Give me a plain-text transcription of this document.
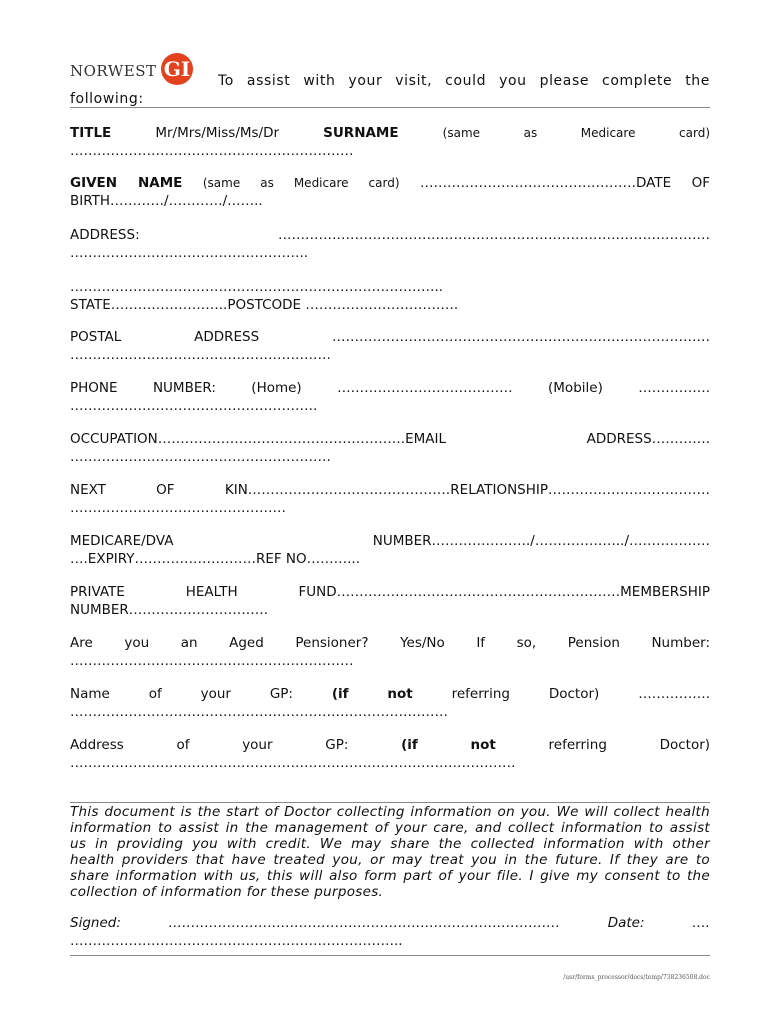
NORWEST GI	To assist with your visit, could you please complete the
following:
TITLE	Mr/Mrs/Miss/Ms/Dr	SURNAME	(same as Medicare card)
………………………………………………………
GIVEN NAME (same as Medicare card) …………………………………………DATE OF
BIRTH…………/…………/……..
ADDRESS:	……………………………………………………………………………………
……………………………………………..
………………………………………………………………………..
STATE……………………..POSTCODE …………………………….
POSTAL	ADDRESS	…………………………………………………………………………
………………………………………………….
PHONE	NUMBER:	(Home)	…………………………………	(Mobile)	…………….
……………………………………………….
OCCUPATION……………………………………………….EMAIL	ADDRESS………….
………………………………………………….
NEXT	OF	KIN………………………………………RELATIONSHIP………………………………
…………………………………………
MEDICARE/DVA	NUMBER…………………./………………../………………
….EXPIRY………………………REF NO………...
PRIVATE	HEALTH	FUND………………………………………………………MEMBERSHIP
NUMBER………………………….
Are you an Aged Pensioner? Yes/No If so, Pension Number:
………………………………………………………
Name	of	your	GP:	(if	not	referring	Doctor)	…………….
…………………………………………………………………………
Address	of	your	GP:	(if	not	referring	Doctor)
………………………………………………………………………………………
This document is the start of Doctor collecting information on you. We will collect health
information to assist in the management of your care, and collect information to assist
us in providing you with credit. We may share the collected information with other
health providers that have treated you, or may treat you in the future. If they are to
share information with us, this will also form part of your file. I give my consent to the
collection of information for these purposes.
Signed:	……………………………………………………………………………	Date:	….
………………………………………………………………..
/usr/forms_processor/docs/temp/738236508.doc
